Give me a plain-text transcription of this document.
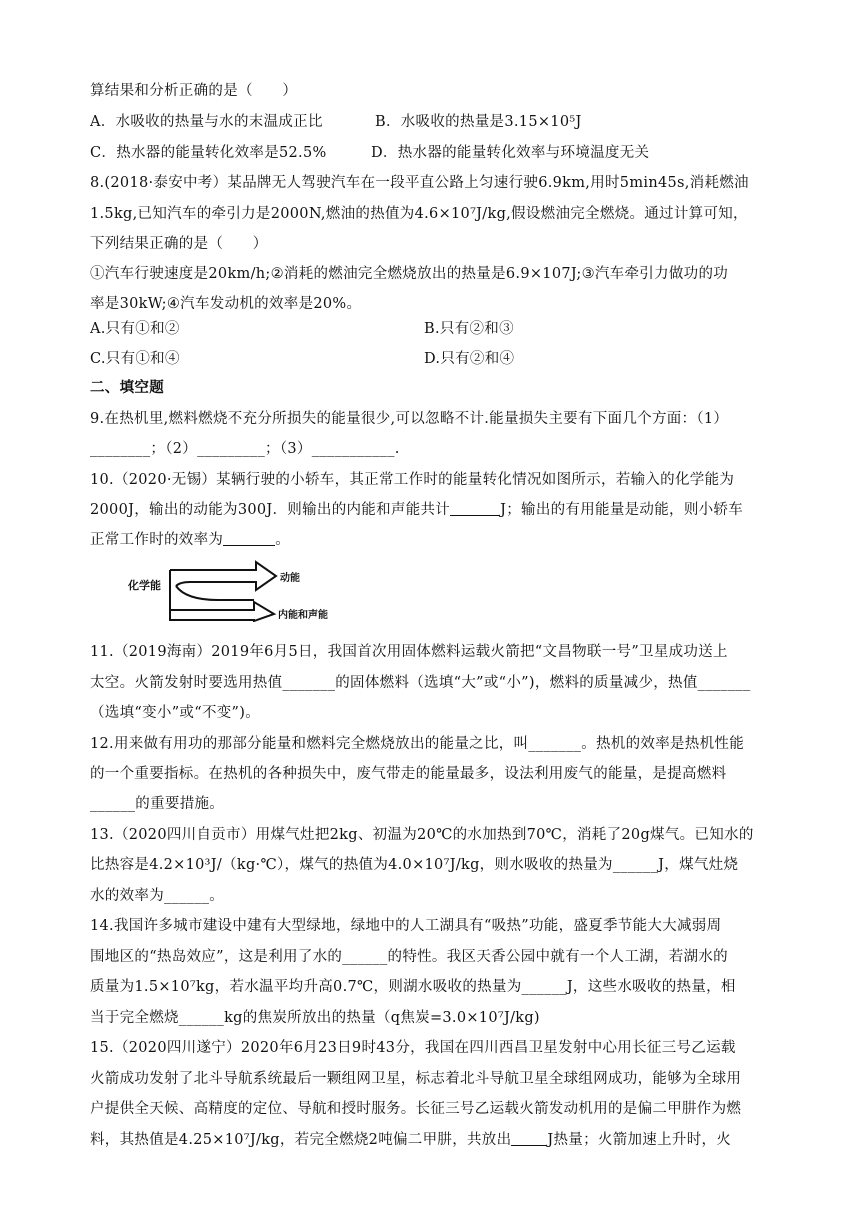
算结果和分析正确的是（　　）
A．水吸收的热量与水的末温成正比	B．水吸收的热量是3.15×10⁵J
C．热水器的能量转化效率是52.5%	D．热水器的能量转化效率与环境温度无关
8.(2018·泰安中考）某品牌无人驾驶汽车在一段平直公路上匀速行驶6.9km,用时5min45s,消耗燃油
1.5kg,已知汽车的牵引力是2000N,燃油的热值为4.6×10⁷J/kg,假设燃油完全燃烧。通过计算可知，
下列结果正确的是（　　）
①汽车行驶速度是20km/h;②消耗的燃油完全燃烧放出的热量是6.9×107J;③汽车牵引力做功的功
率是30kW;④汽车发动机的效率是20%。
A.只有①和②	B.只有②和③
C.只有①和④	D.只有②和④
二、填空题
9.在热机里,燃料燃烧不充分所损失的能量很少,可以忽略不计.能量损失主要有下面几个方面：（1）
________；（2）_________；（3）___________.
10.（2020·无锡）某辆行驶的小轿车，其正常工作时的能量转化情况如图所示，若输入的化学能为
2000J，输出的动能为300J．则输出的内能和声能共计	J；输出的有用能量是动能，则小轿车
正常工作时的效率为	。
化学能
动能
内能和声能
11.（2019海南）2019年6月5日，我国首次用固体燃料运载火箭把“文昌物联一号”卫星成功送上
太空。火箭发射时要选用热值_______的固体燃料（选填“大”或“小”)，燃料的质量减少，热值_______
（选填“变小”或“不变”)。
12.用来做有用功的那部分能量和燃料完全燃烧放出的能量之比，叫_______。热机的效率是热机性能
的一个重要指标。在热机的各种损失中，废气带走的能量最多，设法利用废气的能量，是提高燃料
______的重要措施。
13.（2020四川自贡市）用煤气灶把2kg、初温为20℃的水加热到70℃，消耗了20g煤气。已知水的
比热容是4.2×10³J/（kg·℃），煤气的热值为4.0×10⁷J/kg，则水吸收的热量为______J，煤气灶烧
水的效率为______。
14.我国许多城市建设中建有大型绿地，绿地中的人工湖具有“吸热”功能，盛夏季节能大大减弱周
围地区的“热岛效应”，这是利用了水的______的特性。我区天香公园中就有一个人工湖，若湖水的
质量为1.5×10⁷kg，若水温平均升高0.7℃，则湖水吸收的热量为______J，这些水吸收的热量，相
当于完全燃烧______kg的焦炭所放出的热量（q焦炭=3.0×10⁷J/kg)
15.（2020四川遂宁）2020年6月23日9时43分，我国在四川西昌卫星发射中心用长征三号乙运载
火箭成功发射了北斗导航系统最后一颗组网卫星，标志着北斗导航卫星全球组网成功，能够为全球用
户提供全天候、高精度的定位、导航和授时服务。长征三号乙运载火箭发动机用的是偏二甲肼作为燃
料，其热值是4.25×10⁷J/kg，若完全燃烧2吨偏二甲肼，共放出 J热量；火箭加速上升时，火
